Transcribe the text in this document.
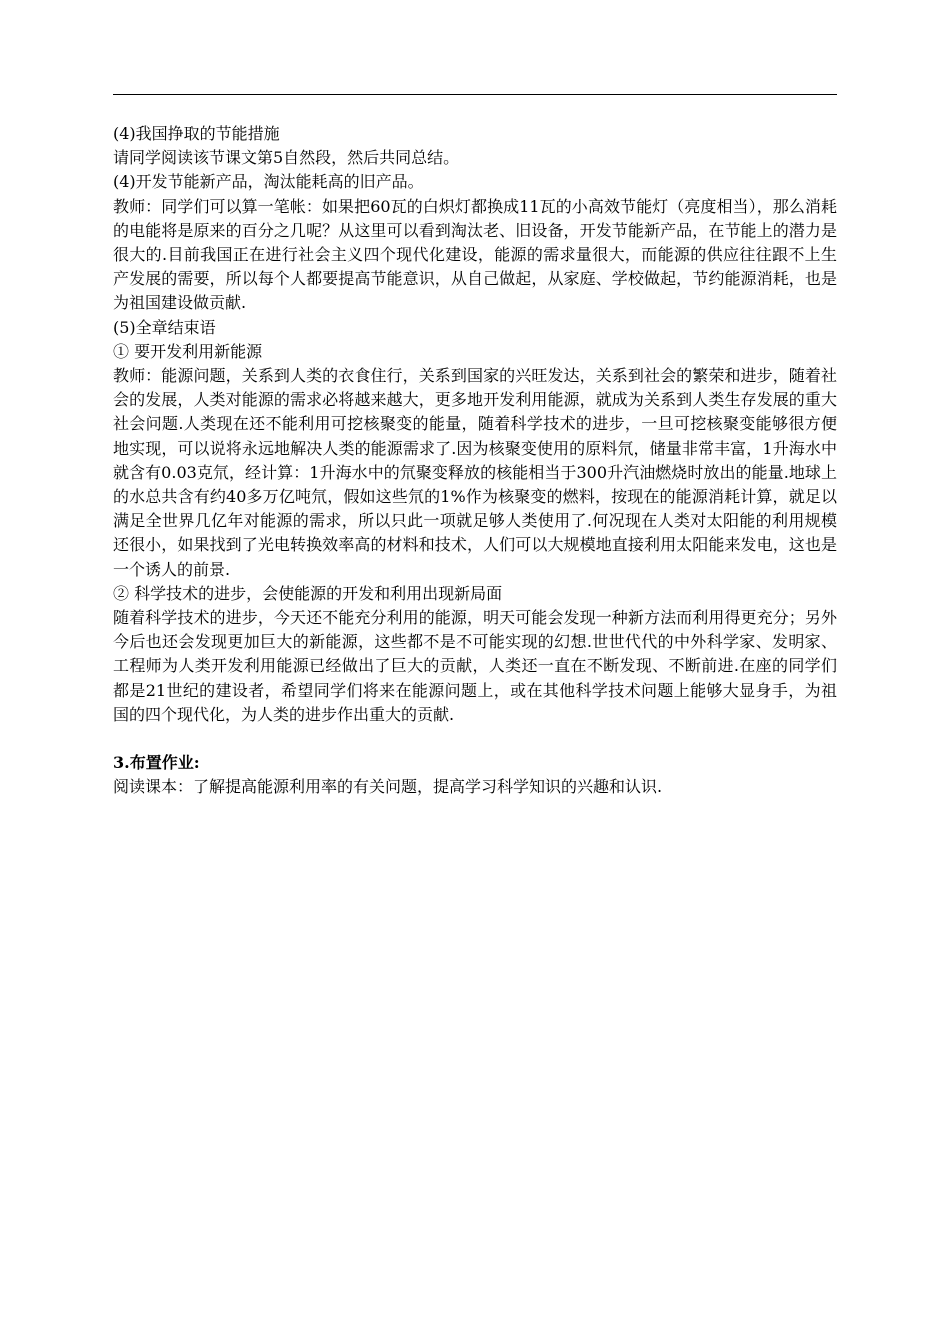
(4)我国挣取的节能措施

请同学阅读该节课文第5自然段，然后共同总结。

(4)开发节能新产品，淘汰能耗高的旧产品。

教师：同学们可以算一笔帐：如果把60瓦的白炽灯都换成11瓦的小高效节能灯（亮度相当），那么消耗的电能将是原来的百分之几呢？从这里可以看到淘汰老、旧设备，开发节能新产品，在节能上的潜力是很大的.目前我国正在进行社会主义四个现代化建设，能源的需求量很大，而能源的供应往往跟不上生产发展的需要，所以每个人都要提高节能意识，从自己做起，从家庭、学校做起，节约能源消耗，也是为祖国建设做贡献.

(5)全章结束语

① 要开发利用新能源

教师：能源问题，关系到人类的衣食住行，关系到国家的兴旺发达，关系到社会的繁荣和进步，随着社会的发展，人类对能源的需求必将越来越大，更多地开发利用能源，就成为关系到人类生存发展的重大社会问题.人类现在还不能利用可挖核聚变的能量，随着科学技术的进步，一旦可挖核聚变能够很方便地实现，可以说将永远地解决人类的能源需求了.因为核聚变使用的原料氘，储量非常丰富，1升海水中就含有0.03克氘，经计算：1升海水中的氘聚变释放的核能相当于300升汽油燃烧时放出的能量.地球上的水总共含有约40多万亿吨氘，假如这些氘的1%作为核聚变的燃料，按现在的能源消耗计算，就足以满足全世界几亿年对能源的需求，所以只此一项就足够人类使用了.何况现在人类对太阳能的利用规模还很小，如果找到了光电转换效率高的材料和技术，人们可以大规模地直接利用太阳能来发电，这也是一个诱人的前景.

② 科学技术的进步，会使能源的开发和利用出现新局面

随着科学技术的进步，今天还不能充分利用的能源，明天可能会发现一种新方法而利用得更充分；另外今后也还会发现更加巨大的新能源，这些都不是不可能实现的幻想.世世代代的中外科学家、发明家、工程师为人类开发利用能源已经做出了巨大的贡献，人类还一直在不断发现、不断前进.在座的同学们都是21世纪的建设者，希望同学们将来在能源问题上，或在其他科学技术问题上能够大显身手，为祖国的四个现代化，为人类的进步作出重大的贡献.

3.布置作业:

阅读课本：了解提高能源利用率的有关问题，提高学习科学知识的兴趣和认识.
